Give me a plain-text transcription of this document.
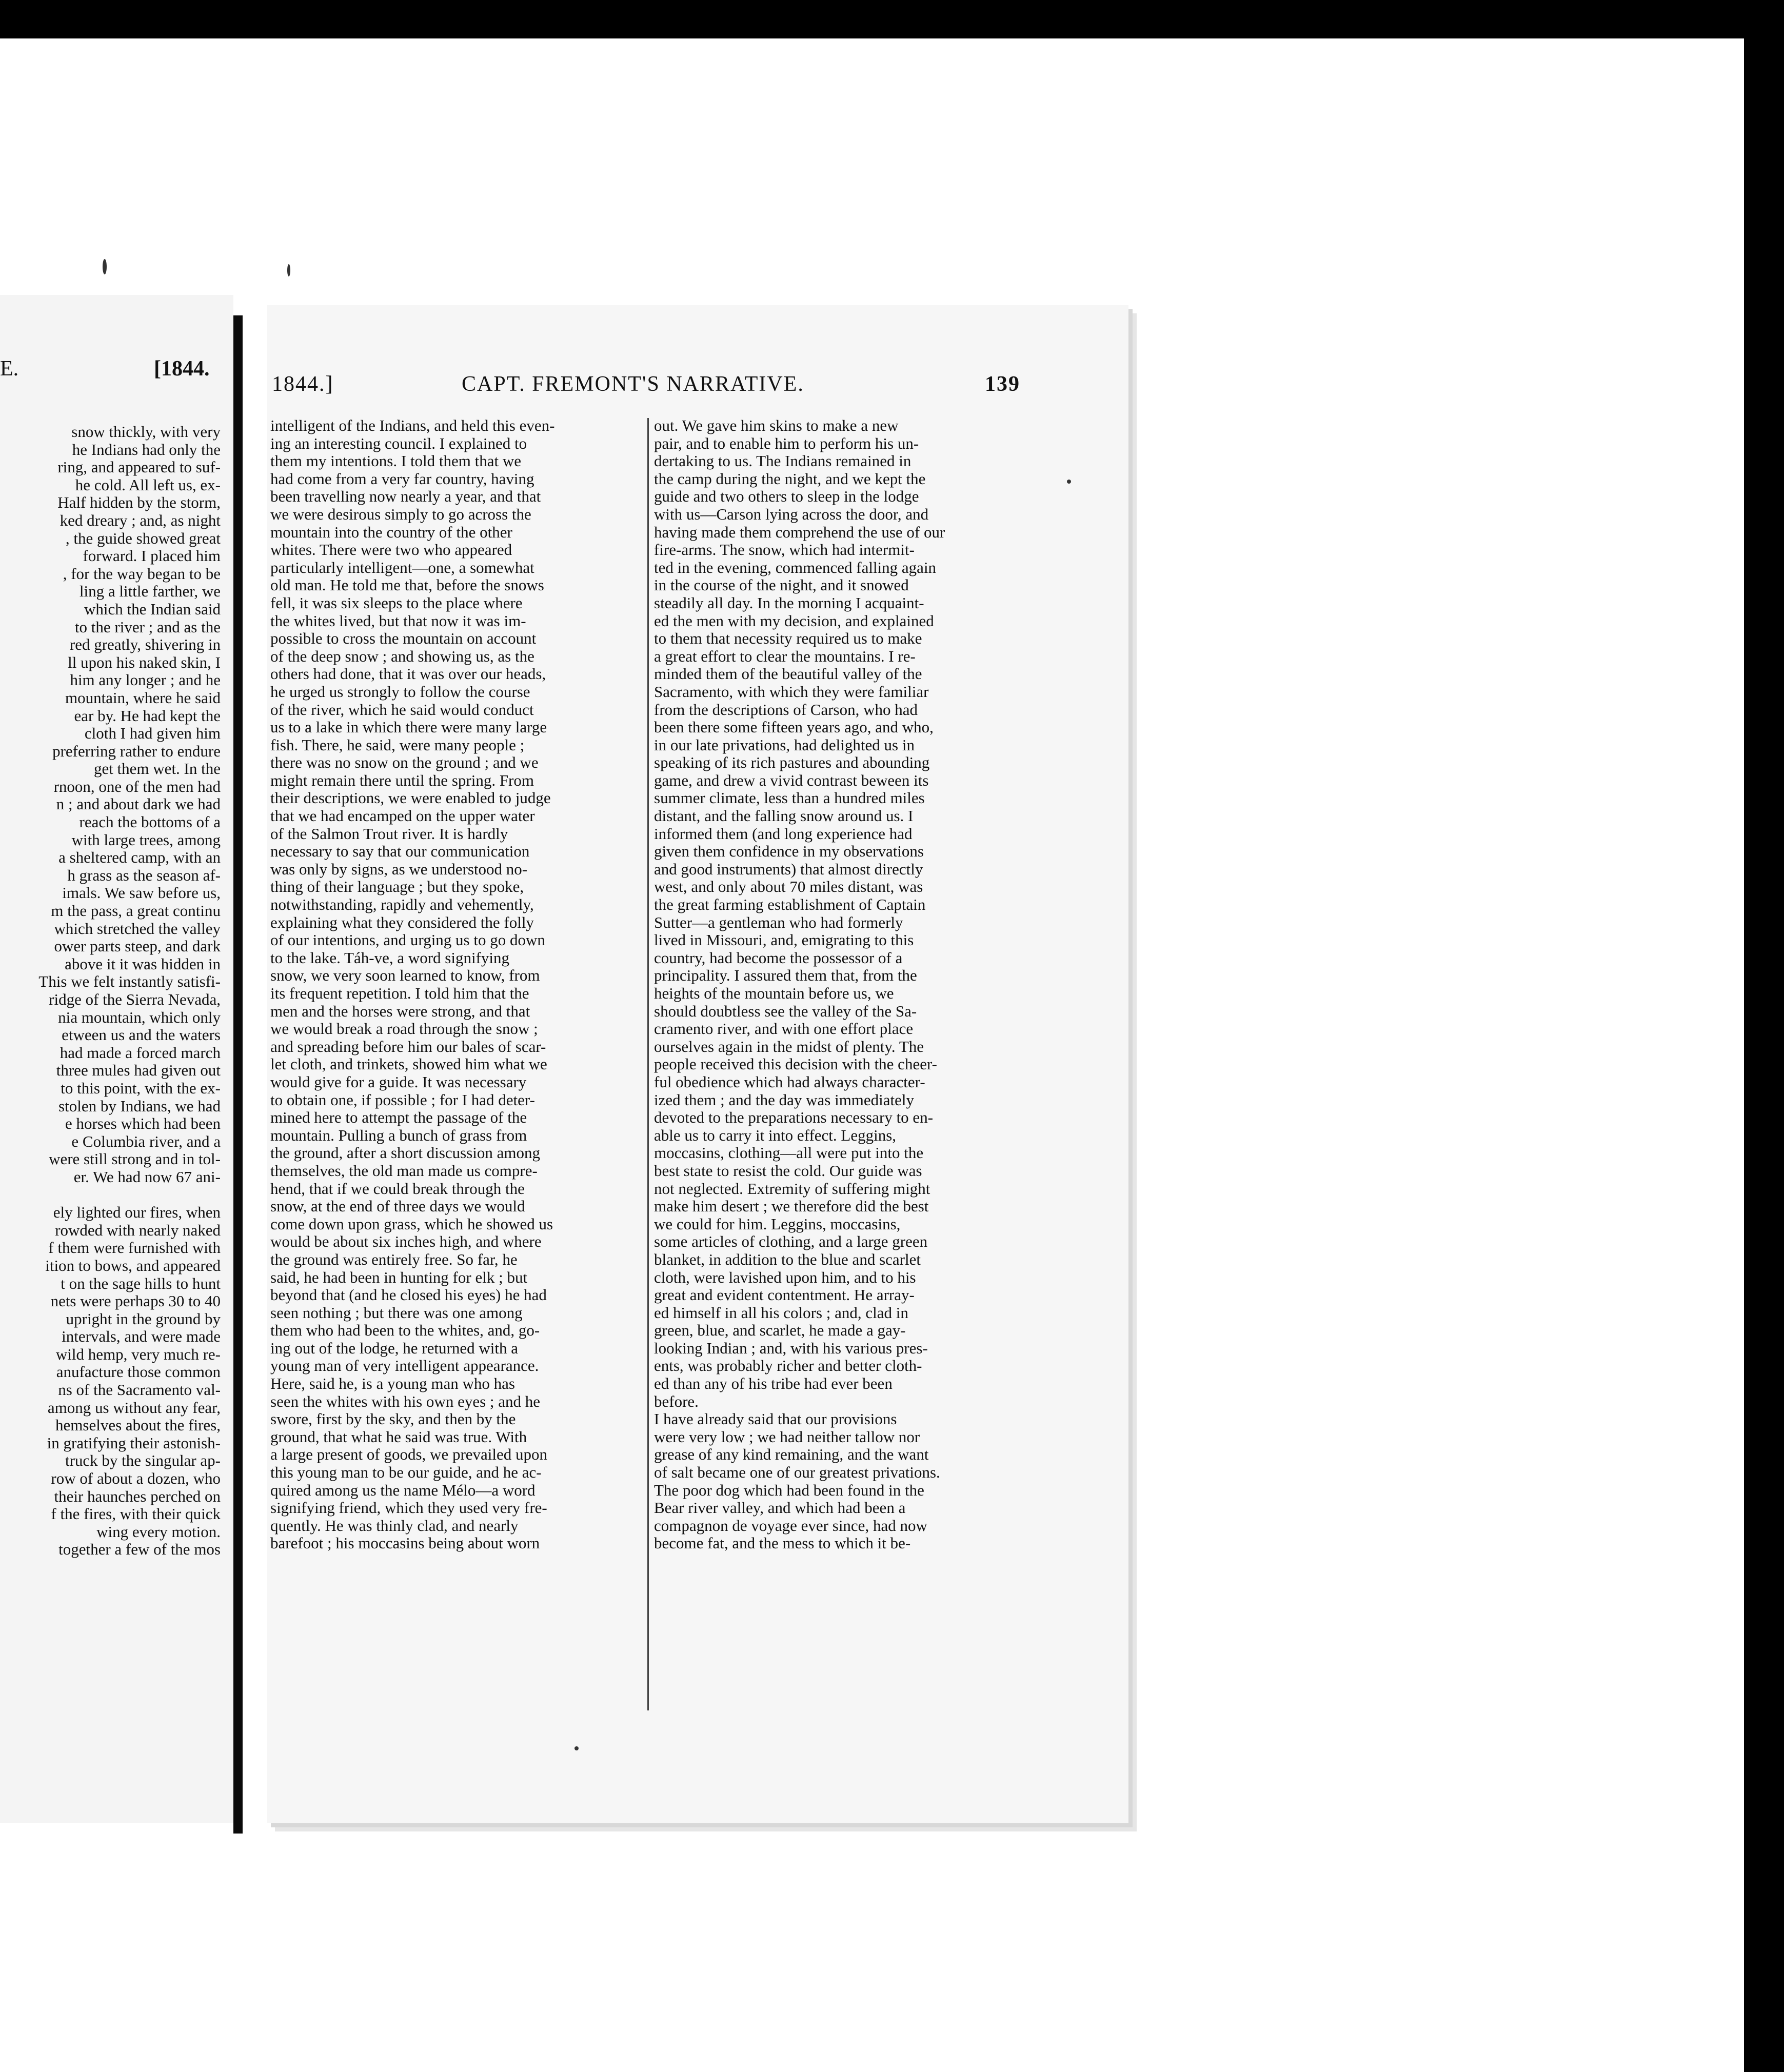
E.	[1844.
snow thickly, with very
he Indians had only the
ring, and appeared to suf-
he cold. All left us, ex-
Half hidden by the storm,
ked dreary ; and, as night
, the guide showed great
forward. I placed him
, for the way began to be
ling a little farther, we
which the Indian said
to the river ; and as the
red greatly, shivering in
ll upon his naked skin, I
him any longer ; and he
mountain, where he said
ear by. He had kept the
cloth I had given him
preferring rather to endure
get them wet. In the
rnoon, one of the men had
n ; and about dark we had
reach the bottoms of a
with large trees, among
a sheltered camp, with an
h grass as the season af-
imals. We saw before us,
m the pass, a great continu
which stretched the valley
ower parts steep, and dark
above it it was hidden in
This we felt instantly satisfi-
ridge of the Sierra Nevada,
nia mountain, which only
etween us and the waters
had made a forced march
three mules had given out
to this point, with the ex-
stolen by Indians, we had
e horses which had been
e Columbia river, and a
were still strong and in tol-
er. We had now 67 ani-

ely lighted our fires, when
rowded with nearly naked
f them were furnished with
ition to bows, and appeared
t on the sage hills to hunt
nets were perhaps 30 to 40
upright in the ground by
intervals, and were made
wild hemp, very much re-
anufacture those common
ns of the Sacramento val-
among us without any fear,
hemselves about the fires,
in gratifying their astonish-
truck by the singular ap-
row of about a dozen, who
their haunches perched on
f the fires, with their quick
wing every motion.
together a few of the mos
1844.]	CAPT. FREMONT'S NARRATIVE.	139
intelligent of the Indians, and held this even-
ing an interesting council. I explained to
them my intentions. I told them that we
had come from a very far country, having
been travelling now nearly a year, and that
we were desirous simply to go across the
mountain into the country of the other
whites. There were two who appeared
particularly intelligent—one, a somewhat
old man. He told me that, before the snows
fell, it was six sleeps to the place where
the whites lived, but that now it was im-
possible to cross the mountain on account
of the deep snow ; and showing us, as the
others had done, that it was over our heads,
he urged us strongly to follow the course
of the river, which he said would conduct
us to a lake in which there were many large
fish. There, he said, were many people ;
there was no snow on the ground ; and we
might remain there until the spring. From
their descriptions, we were enabled to judge
that we had encamped on the upper water
of the Salmon Trout river. It is hardly
necessary to say that our communication
was only by signs, as we understood no-
thing of their language ; but they spoke,
notwithstanding, rapidly and vehemently,
explaining what they considered the folly
of our intentions, and urging us to go down
to the lake. Táh-ve, a word signifying
snow, we very soon learned to know, from
its frequent repetition. I told him that the
men and the horses were strong, and that
we would break a road through the snow ;
and spreading before him our bales of scar-
let cloth, and trinkets, showed him what we
would give for a guide. It was necessary
to obtain one, if possible ; for I had deter-
mined here to attempt the passage of the
mountain. Pulling a bunch of grass from
the ground, after a short discussion among
themselves, the old man made us compre-
hend, that if we could break through the
snow, at the end of three days we would
come down upon grass, which he showed us
would be about six inches high, and where
the ground was entirely free. So far, he
said, he had been in hunting for elk ; but
beyond that (and he closed his eyes) he had
seen nothing ; but there was one among
them who had been to the whites, and, go-
ing out of the lodge, he returned with a
young man of very intelligent appearance.
Here, said he, is a young man who has
seen the whites with his own eyes ; and he
swore, first by the sky, and then by the
ground, that what he said was true. With
a large present of goods, we prevailed upon
this young man to be our guide, and he ac-
quired among us the name Mélo—a word
signifying friend, which they used very fre-
quently. He was thinly clad, and nearly
barefoot ; his moccasins being about worn
out. We gave him skins to make a new
pair, and to enable him to perform his un-
dertaking to us. The Indians remained in
the camp during the night, and we kept the
guide and two others to sleep in the lodge
with us—Carson lying across the door, and
having made them comprehend the use of our
fire-arms. The snow, which had intermit-
ted in the evening, commenced falling again
in the course of the night, and it snowed
steadily all day. In the morning I acquaint-
ed the men with my decision, and explained
to them that necessity required us to make
a great effort to clear the mountains. I re-
minded them of the beautiful valley of the
Sacramento, with which they were familiar
from the descriptions of Carson, who had
been there some fifteen years ago, and who,
in our late privations, had delighted us in
speaking of its rich pastures and abounding
game, and drew a vivid contrast beween its
summer climate, less than a hundred miles
distant, and the falling snow around us. I
informed them (and long experience had
given them confidence in my observations
and good instruments) that almost directly
west, and only about 70 miles distant, was
the great farming establishment of Captain
Sutter—a gentleman who had formerly
lived in Missouri, and, emigrating to this
country, had become the possessor of a
principality. I assured them that, from the
heights of the mountain before us, we
should doubtless see the valley of the Sa-
cramento river, and with one effort place
ourselves again in the midst of plenty. The
people received this decision with the cheer-
ful obedience which had always character-
ized them ; and the day was immediately
devoted to the preparations necessary to en-
able us to carry it into effect. Leggins,
moccasins, clothing—all were put into the
best state to resist the cold. Our guide was
not neglected. Extremity of suffering might
make him desert ; we therefore did the best
we could for him. Leggins, moccasins,
some articles of clothing, and a large green
blanket, in addition to the blue and scarlet
cloth, were lavished upon him, and to his
great and evident contentment. He array-
ed himself in all his colors ; and, clad in
green, blue, and scarlet, he made a gay-
looking Indian ; and, with his various pres-
ents, was probably richer and better cloth-
ed than any of his tribe had ever been
before.
I have already said that our provisions
were very low ; we had neither tallow nor
grease of any kind remaining, and the want
of salt became one of our greatest privations.
The poor dog which had been found in the
Bear river valley, and which had been a
compagnon de voyage ever since, had now
become fat, and the mess to which it be-
